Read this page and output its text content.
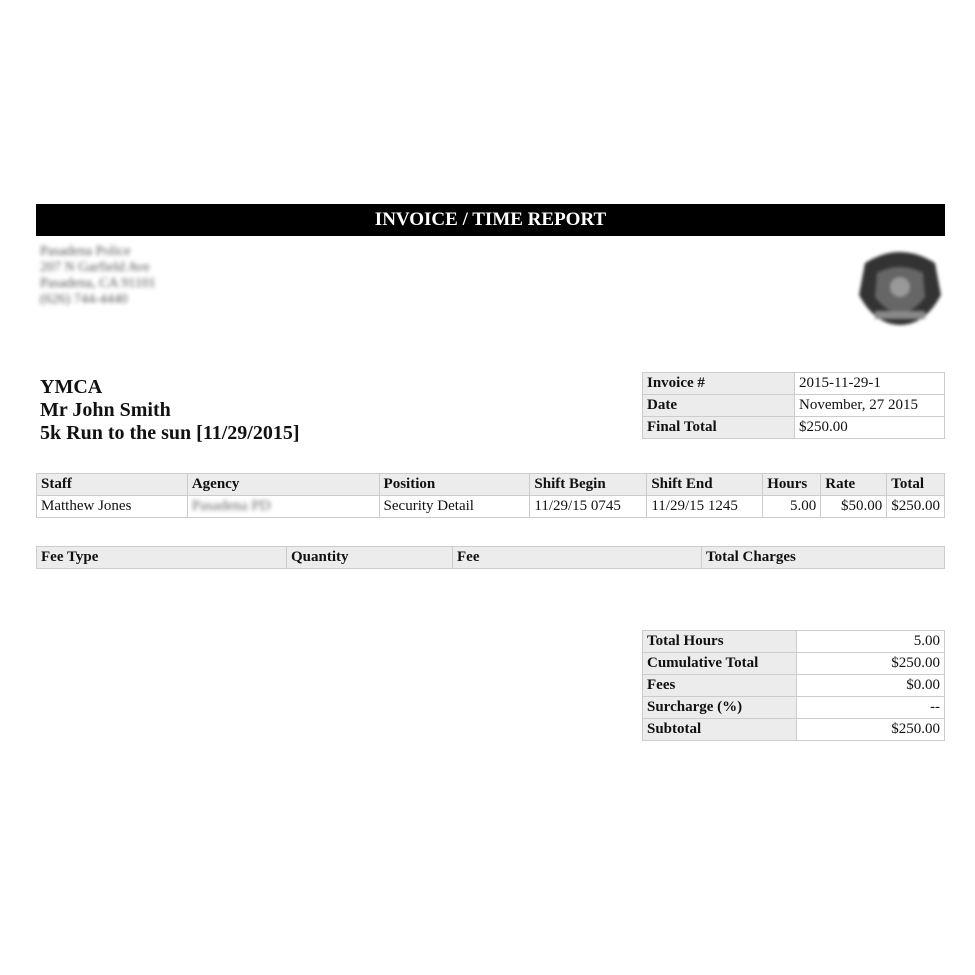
INVOICE / TIME REPORT
Pasadena Police
207 N Garfield Ave
Pasadena, CA 91101
(626) 744-4440
YMCA
Mr John Smith
5k Run to the sun [11/29/2015]
Invoice #	2015-11-29-1
Date	November, 27 2015
Final Total	$250.00
Staff	Agency	Position	Shift Begin	Shift End	Hours	Rate	Total
Matthew Jones	Pasadena PD	Security Detail	11/29/15 0745	11/29/15 1245	5.00	$50.00	$250.00
Fee Type	Quantity	Fee	Total Charges
Total Hours	5.00
Cumulative Total	$250.00
Fees	$0.00
Surcharge (%)	--
Subtotal	$250.00
